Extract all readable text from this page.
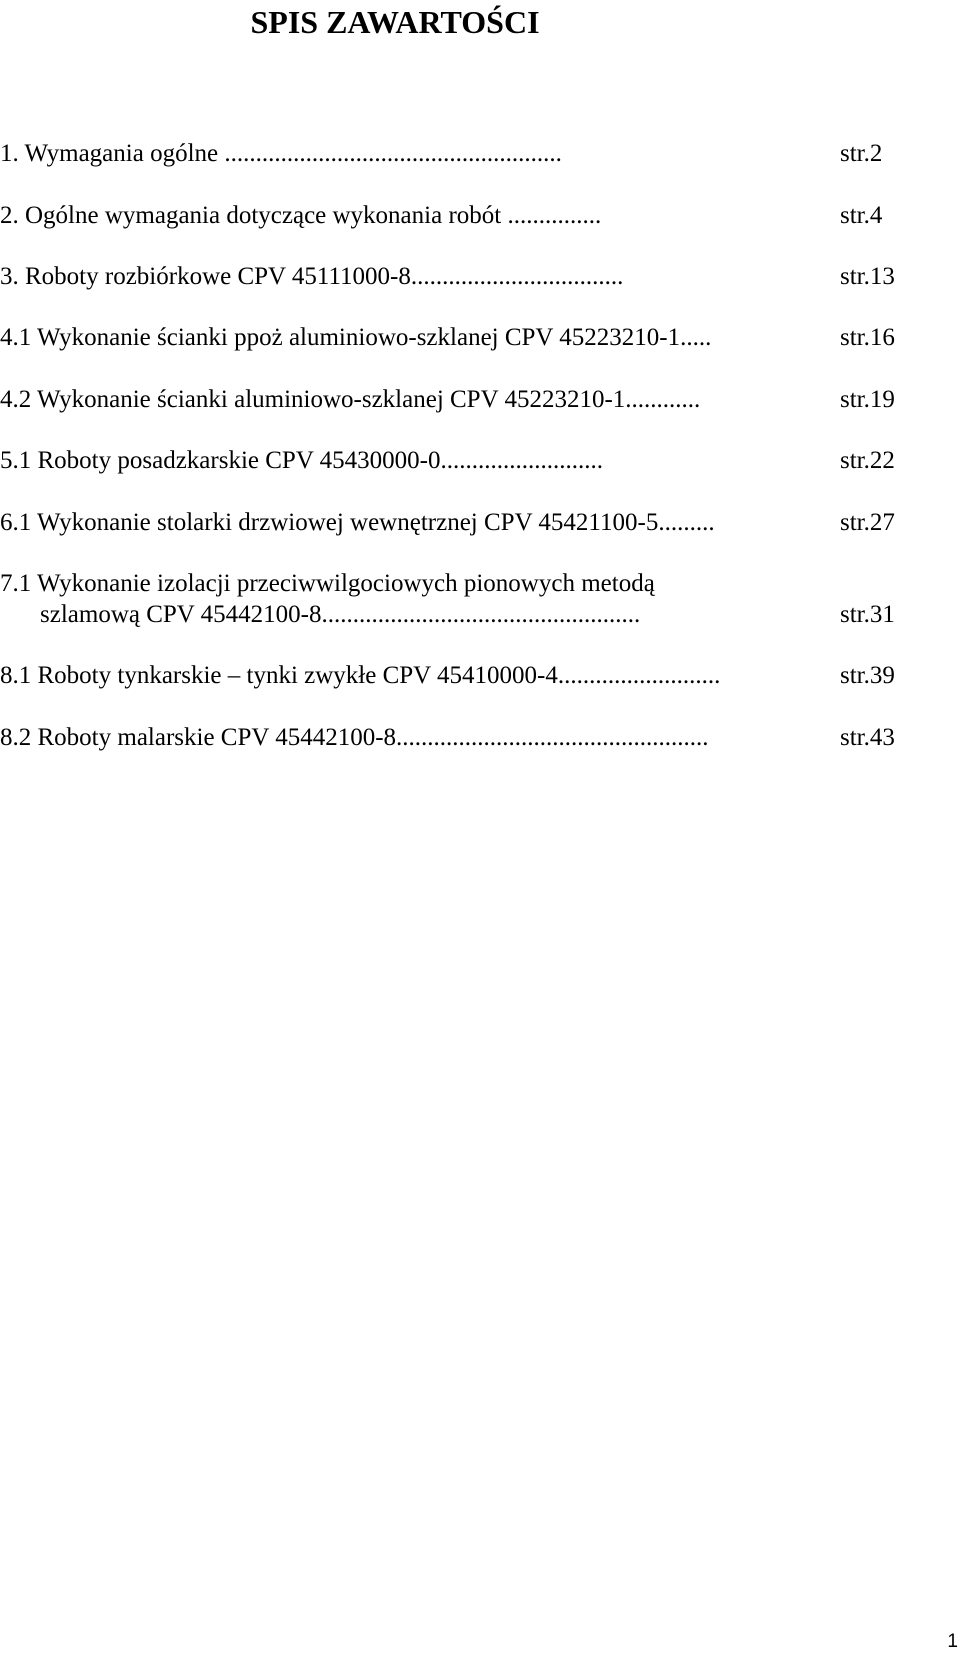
SPIS ZAWARTOŚCI
1. Wymagania ogólne ......................................................	str.2
2. Ogólne wymagania dotyczące wykonania robót ...............	str.4
3. Roboty rozbiórkowe CPV 45111000-8..................................	str.13
4.1 Wykonanie ścianki ppoż aluminiowo-szklanej CPV 45223210-1.....	str.16
4.2 Wykonanie ścianki aluminiowo-szklanej CPV 45223210-1............	str.19
5.1 Roboty posadzkarskie CPV 45430000-0..........................	str.22
6.1 Wykonanie stolarki drzwiowej wewnętrznej CPV 45421100-5.........	str.27
7.1 Wykonanie izolacji przeciwwilgociowych pionowych metodą
szlamową CPV 45442100-8...................................................	str.31
8.1 Roboty tynkarskie – tynki zwykłe CPV 45410000-4..........................	str.39
8.2 Roboty malarskie CPV 45442100-8..................................................	str.43
1
